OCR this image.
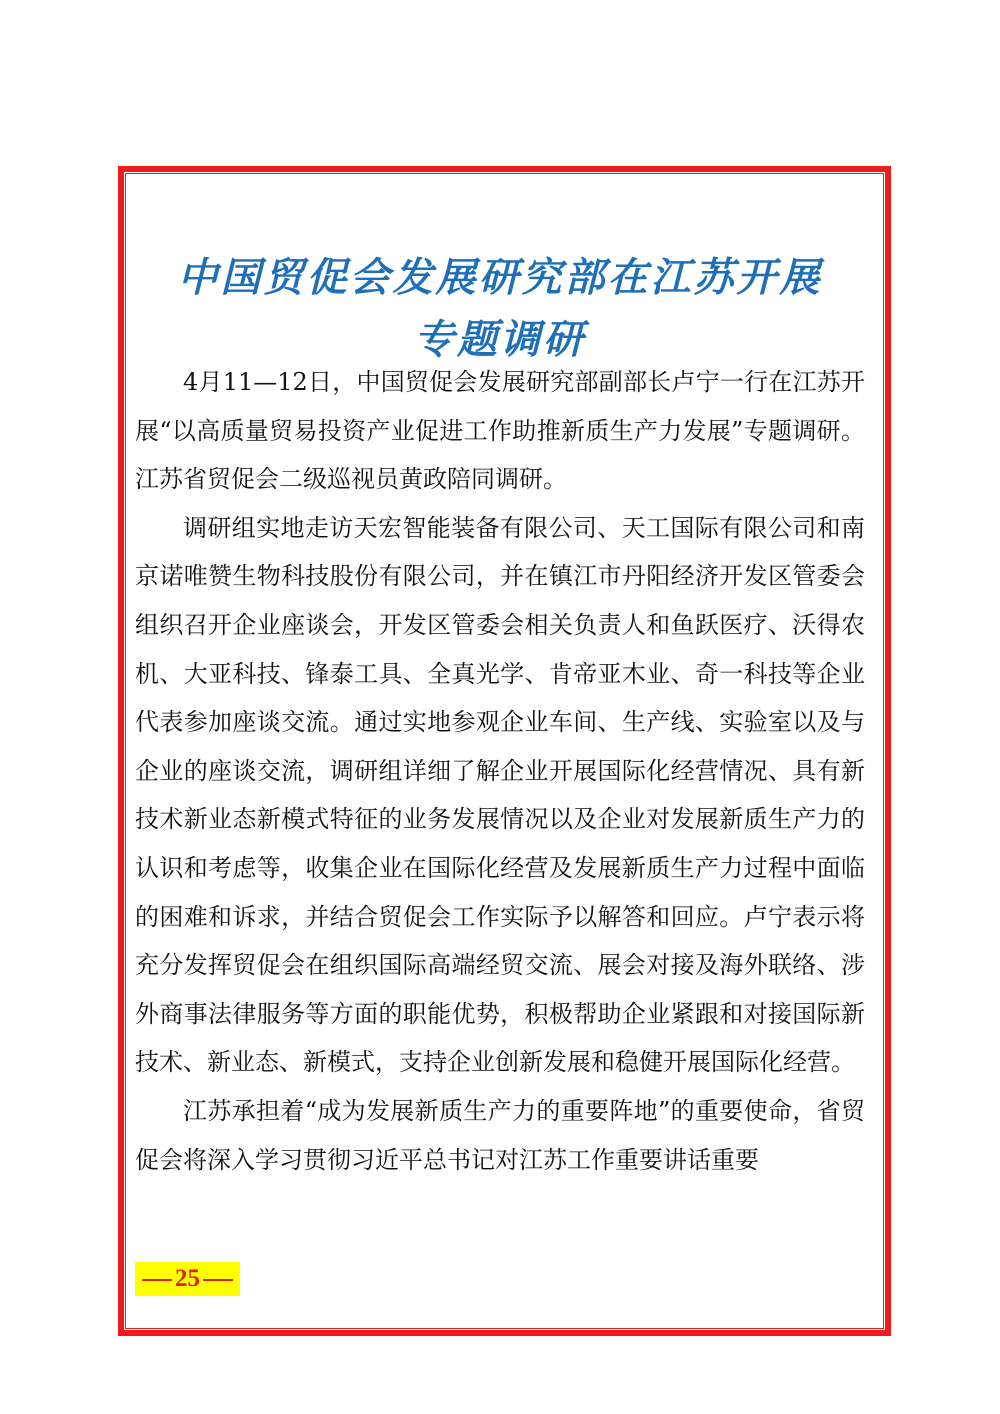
中国贸促会发展研究部在江苏开展
专题调研

4月11—12日，中国贸促会发展研究部副部长卢宁一行在江苏开展“以高质量贸易投资产业促进工作助推新质生产力发展”专题调研。江苏省贸促会二级巡视员黄政陪同调研。

调研组实地走访天宏智能装备有限公司、天工国际有限公司和南京诺唯赞生物科技股份有限公司，并在镇江市丹阳经济开发区管委会组织召开企业座谈会，开发区管委会相关负责人和鱼跃医疗、沃得农机、大亚科技、锋泰工具、全真光学、肯帝亚木业、奇一科技等企业代表参加座谈交流。通过实地参观企业车间、生产线、实验室以及与企业的座谈交流，调研组详细了解企业开展国际化经营情况、具有新技术新业态新模式特征的业务发展情况以及企业对发展新质生产力的认识和考虑等，收集企业在国际化经营及发展新质生产力过程中面临的困难和诉求，并结合贸促会工作实际予以解答和回应。卢宁表示将充分发挥贸促会在组织国际高端经贸交流、展会对接及海外联络、涉外商事法律服务等方面的职能优势，积极帮助企业紧跟和对接国际新技术、新业态、新模式，支持企业创新发展和稳健开展国际化经营。

江苏承担着“成为发展新质生产力的重要阵地”的重要使命，省贸促会将深入学习贯彻习近平总书记对江苏工作重要讲话重要

25
